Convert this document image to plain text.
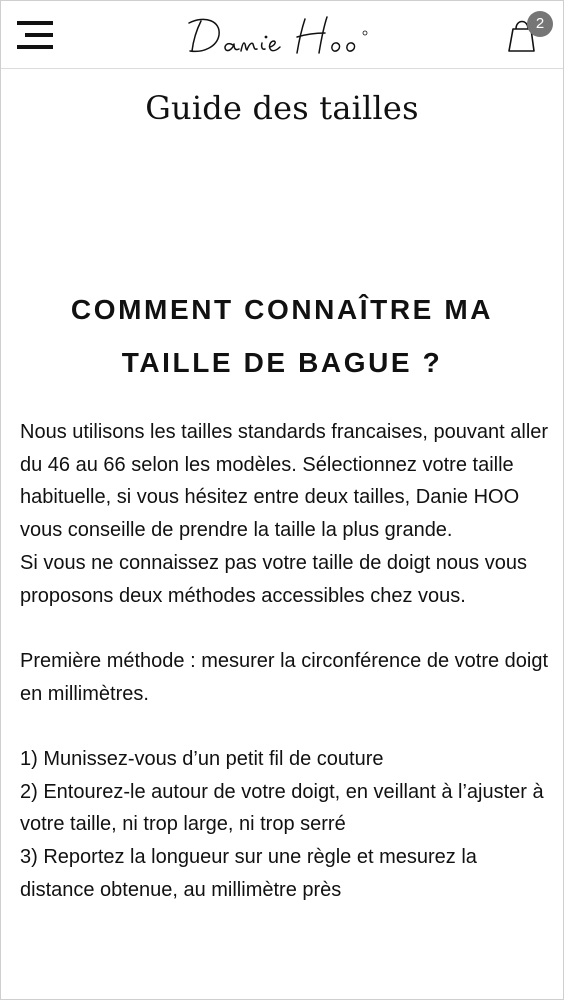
2
Guide des tailles
COMMENT CONNAÎTRE MA
TAILLE DE BAGUE ?

Nous utilisons les tailles standards francaises, pouvant aller du 46 au 66 selon les modèles. Sélectionnez votre taille habituelle, si vous hésitez entre deux tailles, Danie HOO vous conseille de prendre la taille la plus grande.

Si vous ne connaissez pas votre taille de doigt nous vous proposons deux méthodes accessibles chez vous.

Première méthode : mesurer la circonférence de votre doigt en millimètres.

1) Munissez-vous d’un petit fil de couture

2) Entourez-le autour de votre doigt, en veillant à l’ajuster à votre taille, ni trop large, ni trop serré

3) Reportez la longueur sur une règle et mesurez la distance obtenue, au millimètre près
